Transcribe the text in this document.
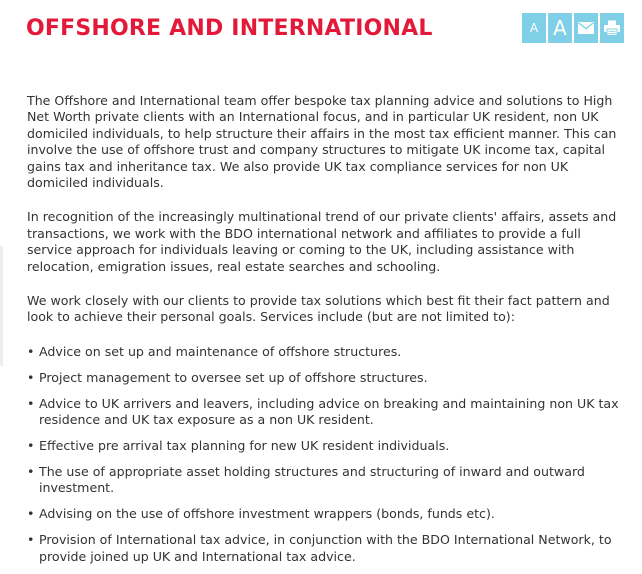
OFFSHORE AND INTERNATIONAL	A A

The Offshore and International team offer bespoke tax planning advice and solutions to High Net Worth private clients with an International focus, and in particular UK resident, non UK domiciled individuals, to help structure their affairs in the most tax efficient manner. This can involve the use of offshore trust and company structures to mitigate UK income tax, capital gains tax and inheritance tax. We also provide UK tax compliance services for non UK domiciled individuals.

In recognition of the increasingly multinational trend of our private clients' affairs, assets and transactions, we work with the BDO international network and affiliates to provide a full service approach for individuals leaving or coming to the UK, including assistance with relocation, emigration issues, real estate searches and schooling.

We work closely with our clients to provide tax solutions which best fit their fact pattern and look to achieve their personal goals. Services include (but are not limited to):

• Advice on set up and maintenance of offshore structures.
• Project management to oversee set up of offshore structures.
• Advice to UK arrivers and leavers, including advice on breaking and maintaining non UK tax residence and UK tax exposure as a non UK resident.
• Effective pre arrival tax planning for new UK resident individuals.
• The use of appropriate asset holding structures and structuring of inward and outward investment.
• Advising on the use of offshore investment wrappers (bonds, funds etc).
• Provision of International tax advice, in conjunction with the BDO International Network, to provide joined up UK and International tax advice.
